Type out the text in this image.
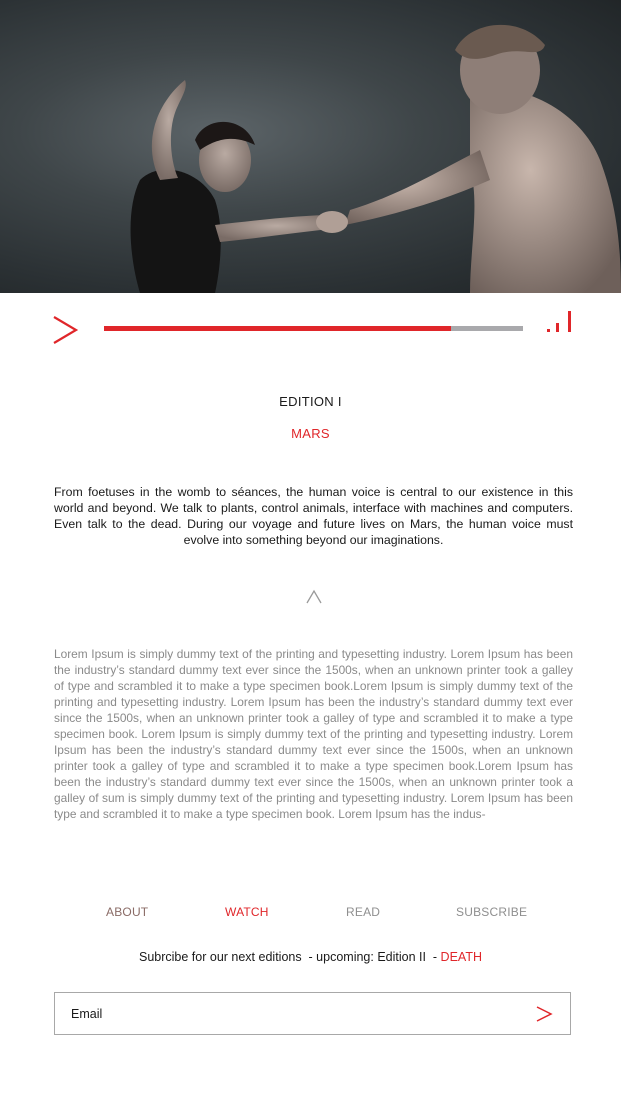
EDITION I
MARS

From foetuses in the womb to séances, the human voice is central to our existence in this world and beyond. We talk to plants, control animals, interface with machines and computers. Even talk to the dead. During our voyage and future lives on Mars, the human voice must evolve into something beyond our imaginations.

Lorem Ipsum is simply dummy text of the printing and typesetting industry. Lorem Ipsum has been the industry’s standard dummy text ever since the 1500s, when an unknown printer took a galley of type and scrambled it to make a type specimen book.Lorem Ipsum is simply dummy text of the printing and typesetting industry. Lorem Ipsum has been the industry’s standard dummy text ever since the 1500s, when an unknown printer took a galley of type and scrambled it to make a type specimen book. Lorem Ipsum is simply dummy text of the printing and typesetting industry. Lorem Ipsum has been the industry’s standard dummy text ever since the 1500s, when an unknown printer took a galley of type and scrambled it to make a type specimen book.Lorem Ipsum has been the industry’s standard dummy text ever since the 1500s, when an unknown printer took a galley of sum is simply dummy text of the printing and typesetting industry. Lorem Ipsum has been type and scrambled it to make a type specimen book. Lorem Ipsum has the indus-

ABOUT	WATCH	READ	SUBSCRIBE
Subrcibe for our next editions  - upcoming: Edition II  - DEATH
Email
